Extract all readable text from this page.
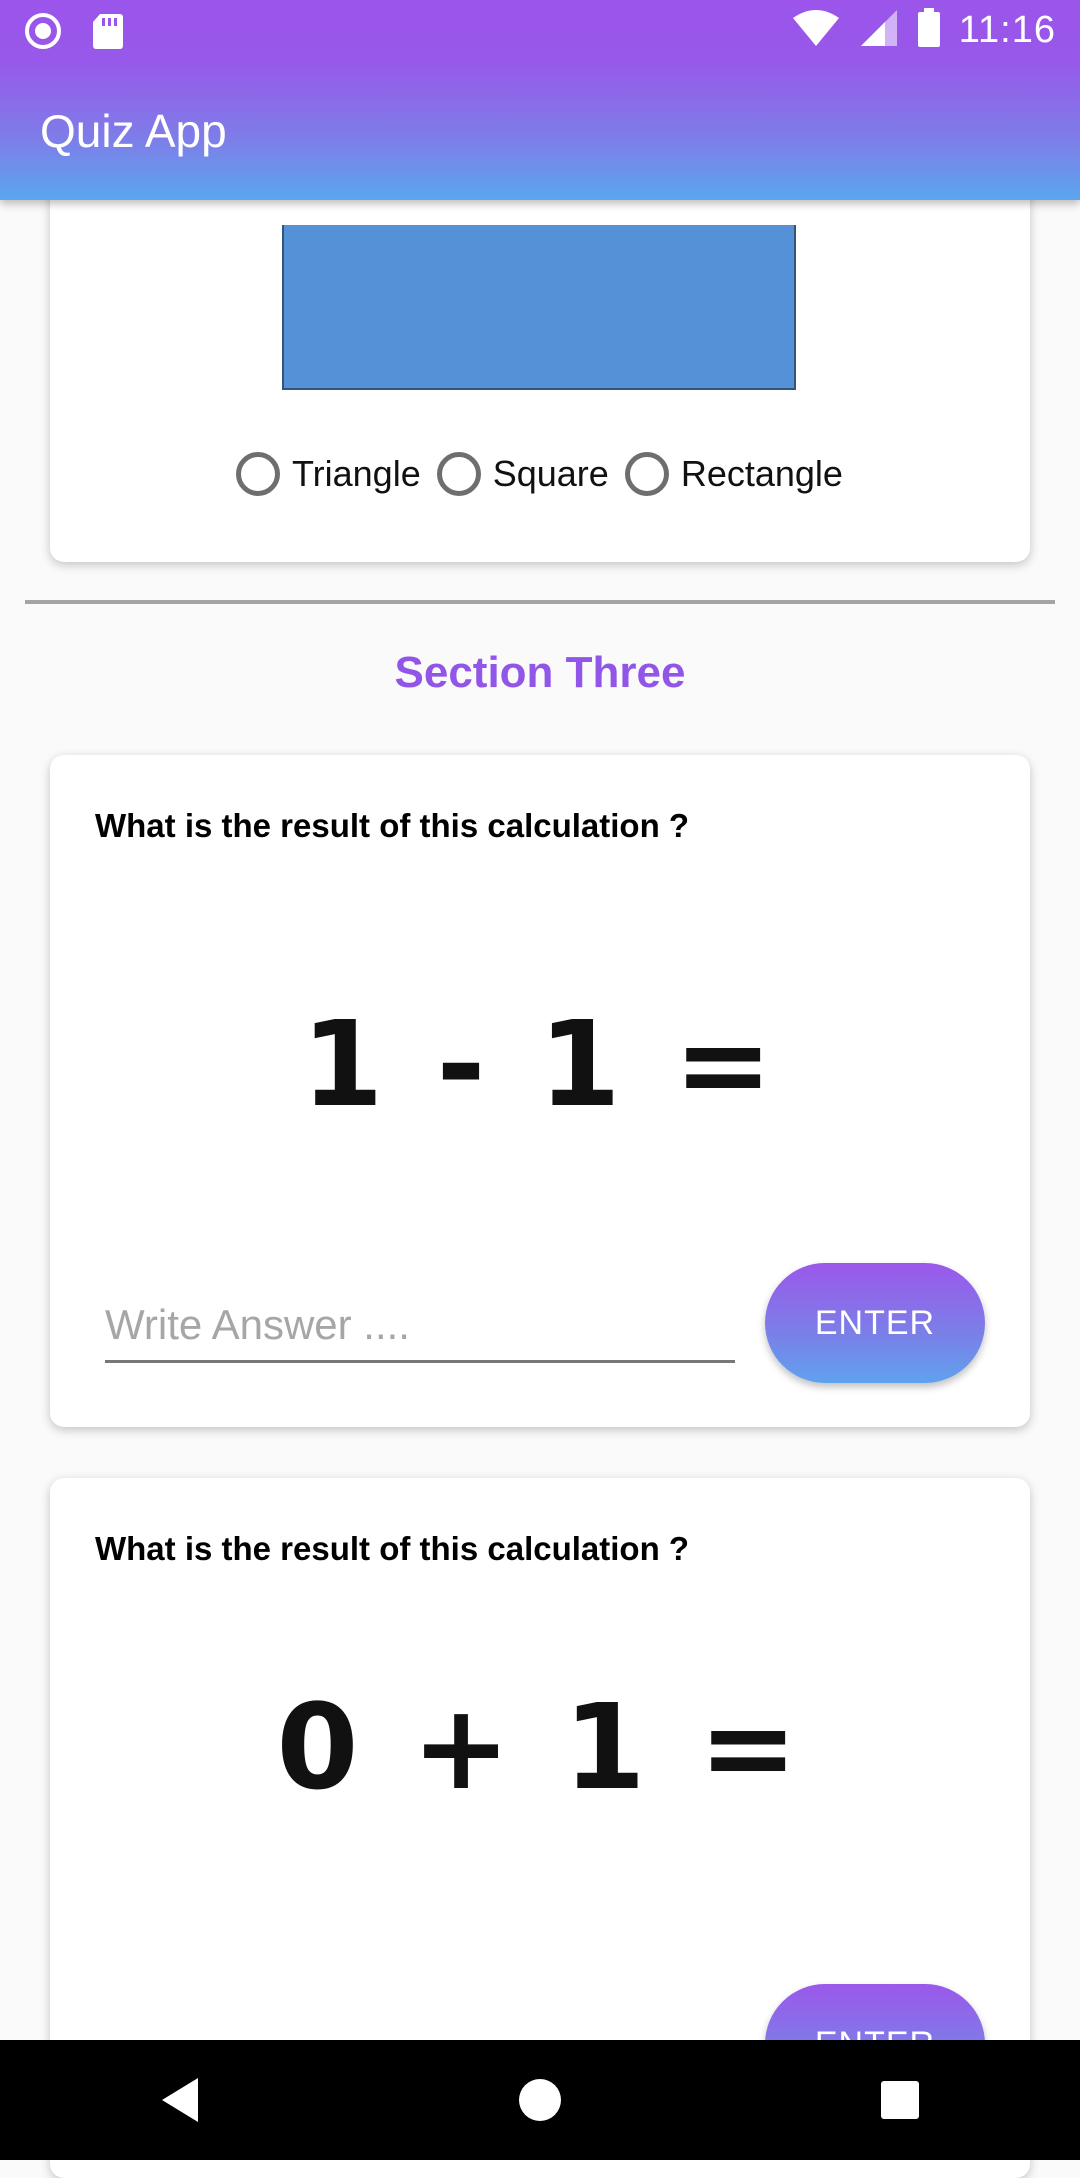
11:16
Quiz App
Triangle Square Rectangle
Section Three
What is the result of this calculation ?
1 - 1 =
Write Answer ....
ENTER
What is the result of this calculation ?
0 + 1 =
